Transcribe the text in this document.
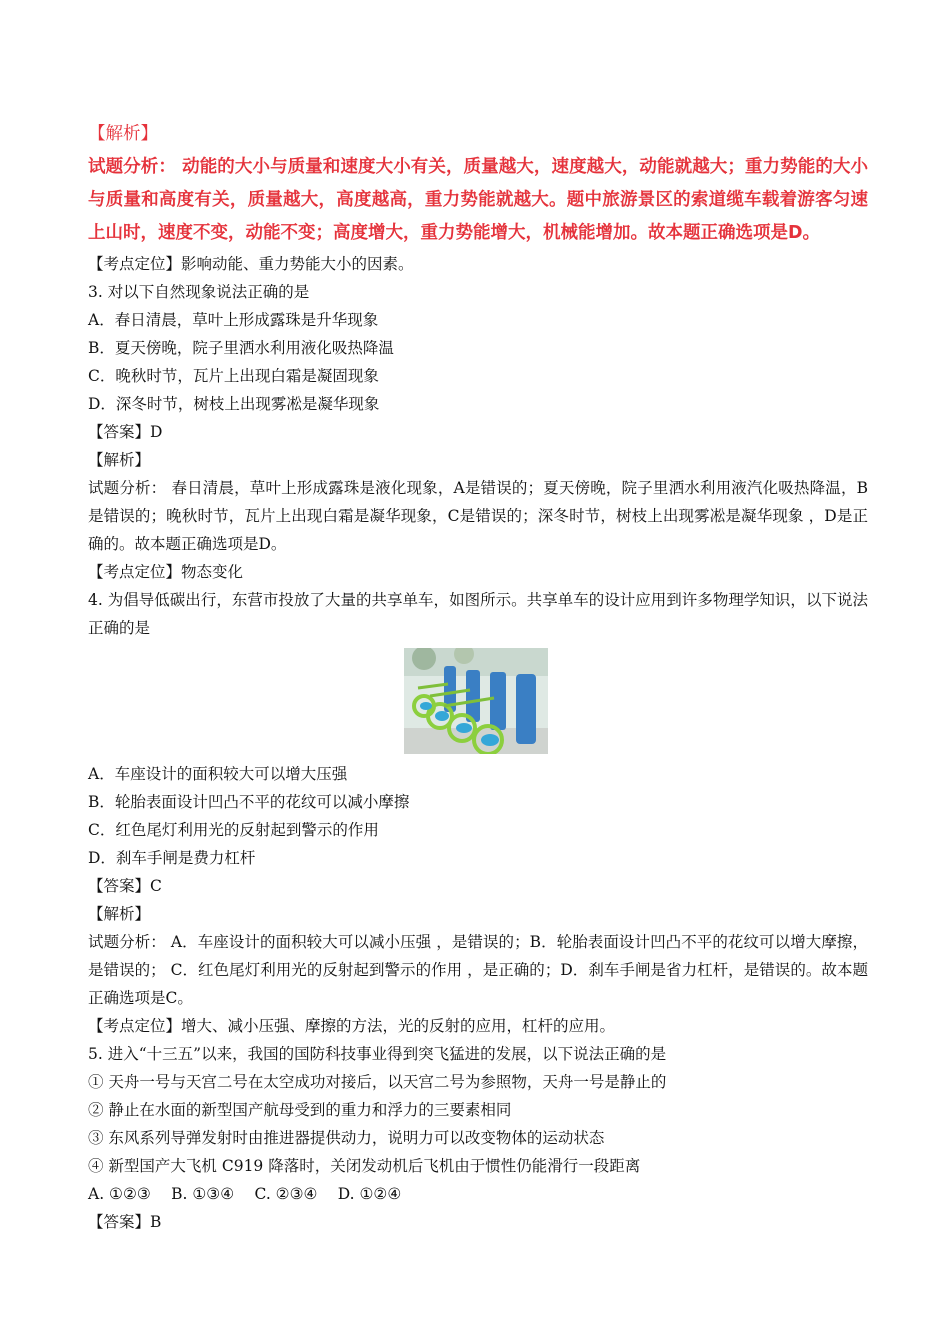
【解析】

试题分析： 动能的大小与质量和速度大小有关，质量越大，速度越大，动能就越大；重力势能的大小与质量和高度有关，质量越大，高度越高，重力势能就越大。题中旅游景区的索道缆车载着游客匀速上山时，速度不变，动能不变；高度增大，重力势能增大，机械能增加。故本题正确选项是D。

【考点定位】影响动能、重力势能大小的因素。
3. 对以下自然现象说法正确的是
A．春日清晨，草叶上形成露珠是升华现象
B．夏天傍晚，院子里洒水利用液化吸热降温
C．晚秋时节，瓦片上出现白霜是凝固现象
D．深冬时节，树枝上出现雾凇是凝华现象
【答案】D
【解析】

试题分析： 春日清晨，草叶上形成露珠是液化现象，A是错误的；夏天傍晚，院子里洒水利用液汽化吸热降温，B是错误的；晚秋时节，瓦片上出现白霜是凝华现象，C是错误的；深冬时节，树枝上出现雾凇是凝华现象 ，D是正确的。故本题正确选项是D。

【考点定位】物态变化

4. 为倡导低碳出行，东营市投放了大量的共享单车，如图所示。共享单车的设计应用到许多物理学知识，以下说法正确的是

A．车座设计的面积较大可以增大压强
B．轮胎表面设计凹凸不平的花纹可以减小摩擦
C．红色尾灯利用光的反射起到警示的作用
D．刹车手闸是费力杠杆
【答案】C
【解析】

试题分析： A．车座设计的面积较大可以减小压强 ，是错误的；B．轮胎表面设计凹凸不平的花纹可以增大摩擦，是错误的； C．红色尾灯利用光的反射起到警示的作用 ，是正确的；D．刹车手闸是省力杠杆，是错误的。故本题正确选项是C。

【考点定位】增大、减小压强、摩擦的方法，光的反射的应用，杠杆的应用。
5. 进入“十三五”以来，我国的国防科技事业得到突飞猛进的发展，以下说法正确的是
① 天舟一号与天宫二号在太空成功对接后，以天宫二号为参照物，天舟一号是静止的
② 静止在水面的新型国产航母受到的重力和浮力的三要素相同
③ 东风系列导弹发射时由推进器提供动力，说明力可以改变物体的运动状态
④ 新型国产大飞机 C919 降落时，关闭发动机后飞机由于惯性仍能滑行一段距离
A. ①②③　 B. ①③④　 C. ②③④　 D. ①②④
【答案】B
